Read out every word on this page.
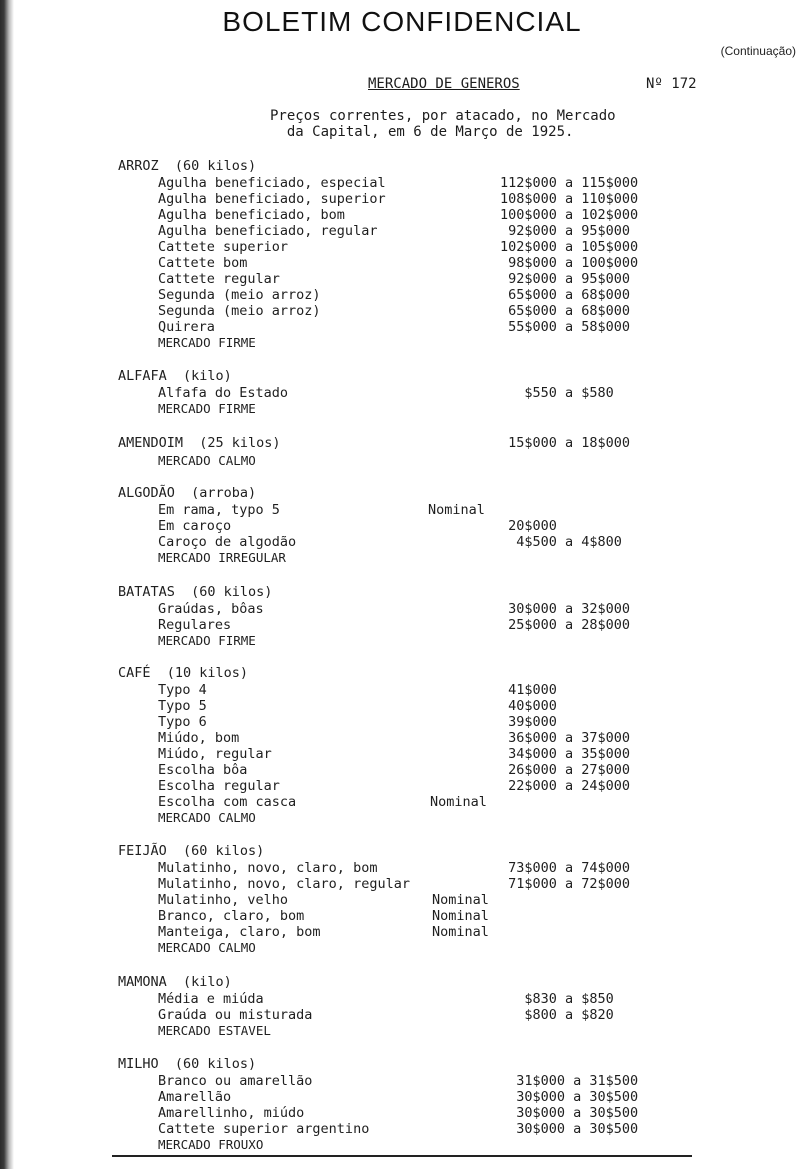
BOLETIM CONFIDENCIAL
(Continuação)
MERCADO DE GENEROS	Nº 172
Preços correntes, por atacado, no Mercado
da Capital, em 6 de Março de 1925.
ARROZ  (60 kilos)
Agulha beneficiado, especial	112$000 a 115$000
Agulha beneficiado, superior	108$000 a 110$000
Agulha beneficiado, bom	100$000 a 102$000
Agulha beneficiado, regular	92$000 a 95$000
Cattete superior	102$000 a 105$000
Cattete bom	98$000 a 100$000
Cattete regular	92$000 a 95$000
Segunda (meio arroz)	65$000 a 68$000
Segunda (meio arroz)	65$000 a 68$000
Quirera	55$000 a 58$000
MERCADO FIRME
ALFAFA  (kilo)
Alfafa do Estado	$550 a $580
MERCADO FIRME
AMENDOIM  (25 kilos)	15$000 a 18$000
MERCADO CALMO
ALGODÃO  (arroba)
Em rama, typo 5	Nominal
Em caroço	20$000
Caroço de algodão	4$500 a 4$800
MERCADO IRREGULAR
BATATAS  (60 kilos)
Graúdas, bôas	30$000 a 32$000
Regulares	25$000 a 28$000
MERCADO FIRME
CAFÉ  (10 kilos)
Typo 4	41$000
Typo 5	40$000
Typo 6	39$000
Miúdo, bom	36$000 a 37$000
Miúdo, regular	34$000 a 35$000
Escolha bôa	26$000 a 27$000
Escolha regular	22$000 a 24$000
Escolha com casca	Nominal
MERCADO CALMO
FEIJÃO  (60 kilos)
Mulatinho, novo, claro, bom	73$000 a 74$000
Mulatinho, novo, claro, regular	71$000 a 72$000
Mulatinho, velho	Nominal
Branco, claro, bom	Nominal
Manteiga, claro, bom	Nominal
MERCADO CALMO
MAMONA  (kilo)
Média e miúda	$830 a $850
Graúda ou misturada	$800 a $820
MERCADO ESTAVEL
MILHO  (60 kilos)
Branco ou amarellão	31$000 a 31$500
Amarellão	30$000 a 30$500
Amarellinho, miúdo	30$000 a 30$500
Cattete superior argentino	30$000 a 30$500
MERCADO FROUXO
